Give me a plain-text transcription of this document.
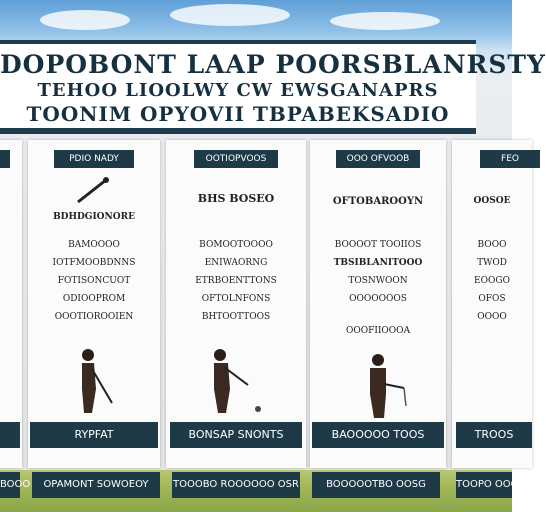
DOPOBONT LAAP POORSBLANRSTY
TEHOO LIOOLWY CW EWSGANAPRS
TOONIM OPYOVII TBPABEKSADIO
PDIO NADY
BDHDGIONORE
BAMOOOO
IOTFMOOBDNNS
FOTISONCUOT
ODIOOPROM
OOOTIOROOIEN
RYPFAT
OOTIOPVOOS
BHS BOSEO
BOMOOTOOOO
ENIWAORNG
ETRBOENTTONS
OFTOLNFONS
BHTOOTTOOS
BONSAP SNONTS
OOO OFVOOB
OFTOBAROOYN
BOOOOT TOOIIOS
TBSIBLANITOOO
TOSNWOON
OOOOOOOS
OOOFIIOOOA
BAOOOOO TOOS
FEO
OOSOE
BOOO
TWOD
EOOGO
OFOS
OOOO
TROOS
BOOO	OPAMONT SOWOEOY	TOOOBO ROOOOOO OSR	BOOOOOTBO OOSG	TOOPO OOO
